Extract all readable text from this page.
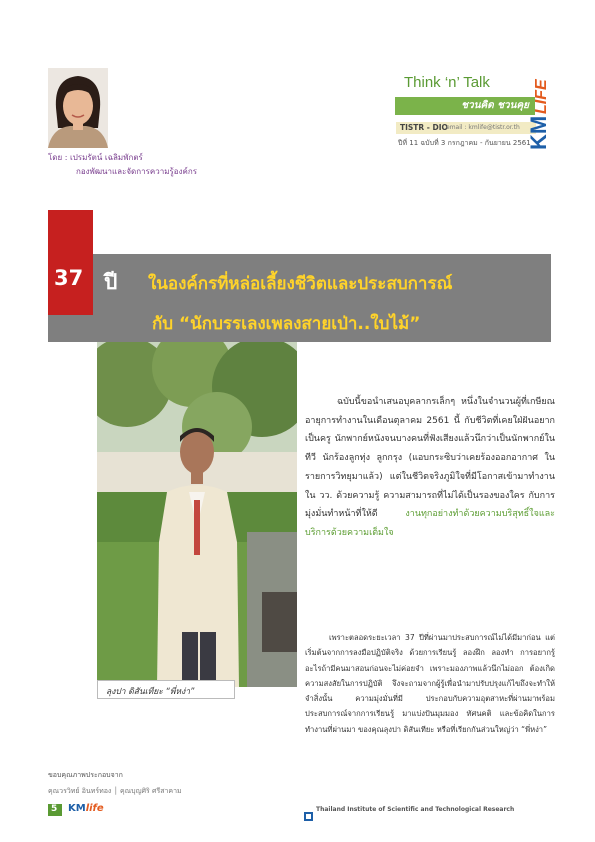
โดย : เปรมรัตน์ เฉลิมพักตร์
กองพัฒนาและจัดการความรู้องค์กร
Think ‘n’ Talk
ชวนคิด ชวนคุย
TISTR - DIO
email : kmlife@tistr.or.th
ปีที่ 11 ฉบับที่ 3 กรกฎาคม - กันยายน 2561
KM
LIFE
37 ปี ในองค์กรที่หล่อเลี้ยงชีวิตและประสบการณ์
กับ “นักบรรเลงเพลงสายเป่า..ใบไม้”
ลุงปา ดิสันเทียะ “พี่หง่า”
ฉบับนี้ขอนำเสนอบุคลากรเล็กๆ หนึ่งในจำนวนผู้ที่เกษียณอายุการทำงานในเดือนตุลาคม 2561 นี้ กับชีวิตที่เคยใฝ่ฝันอยากเป็นครู นักพากย์หนังจนบางคนที่ฟังเสียงแล้วนึกว่าเป็นนักพากย์ในทีวี นักร้องลูกทุ่ง ลูกกรุง (แอบกระซิบว่าเคยร้องออกอากาศ ในรายการวิทยุมาแล้ว) แต่ในชีวิตจริงภูมิใจที่มีโอกาสเข้ามาทำงานใน วว. ด้วยความรู้ ความสามารถที่ไม่ได้เป็นรองของใคร กับการมุ่งมั่นทำหน้าที่ให้ดี	งานทุกอย่างทำด้วยความบริสุทธิ์ใจและบริการด้วยความเต็มใจ
เพราะตลอดระยะเวลา 37 ปีที่ผ่านมาประสบการณ์ไม่ได้มีมาก่อน แต่เริ่มต้นจากการลงมือปฏิบัติจริง ด้วยการเรียนรู้ ลองฝึก ลองทำ การอยากรู้อะไรถ้ามีคนมาสอนก่อนจะไม่ค่อยจำ เพราะมองภาพแล้วนึกไม่ออก ต้องเกิดความสงสัยในการปฏิบัติ จึงจะถามจากผู้รู้เพื่อนำมาปรับปรุงแก้ไขถึงจะทำให้จำสิ่งนั้น ความมุ่งมั่นที่มี ประกอบกับความอุตสาหะที่ผ่านมาพร้อมประสบการณ์จากการเรียนรู้ มาแบ่งปันมุมมอง ทัศนคติ และข้อคิดในการทำงานที่ผ่านมา ของคุณลุงปา ดิสันเทียะ หรือที่เรียกกันส่วนใหญ่ว่า “พี่หง่า”
ขอบคุณภาพประกอบจาก
คุณวรวิทย์ อินทร์ทอง │ คุณบุญศิริ ศรีสาคาม
5 KMlife	Thailand Institute of Scientific and Technological Research
